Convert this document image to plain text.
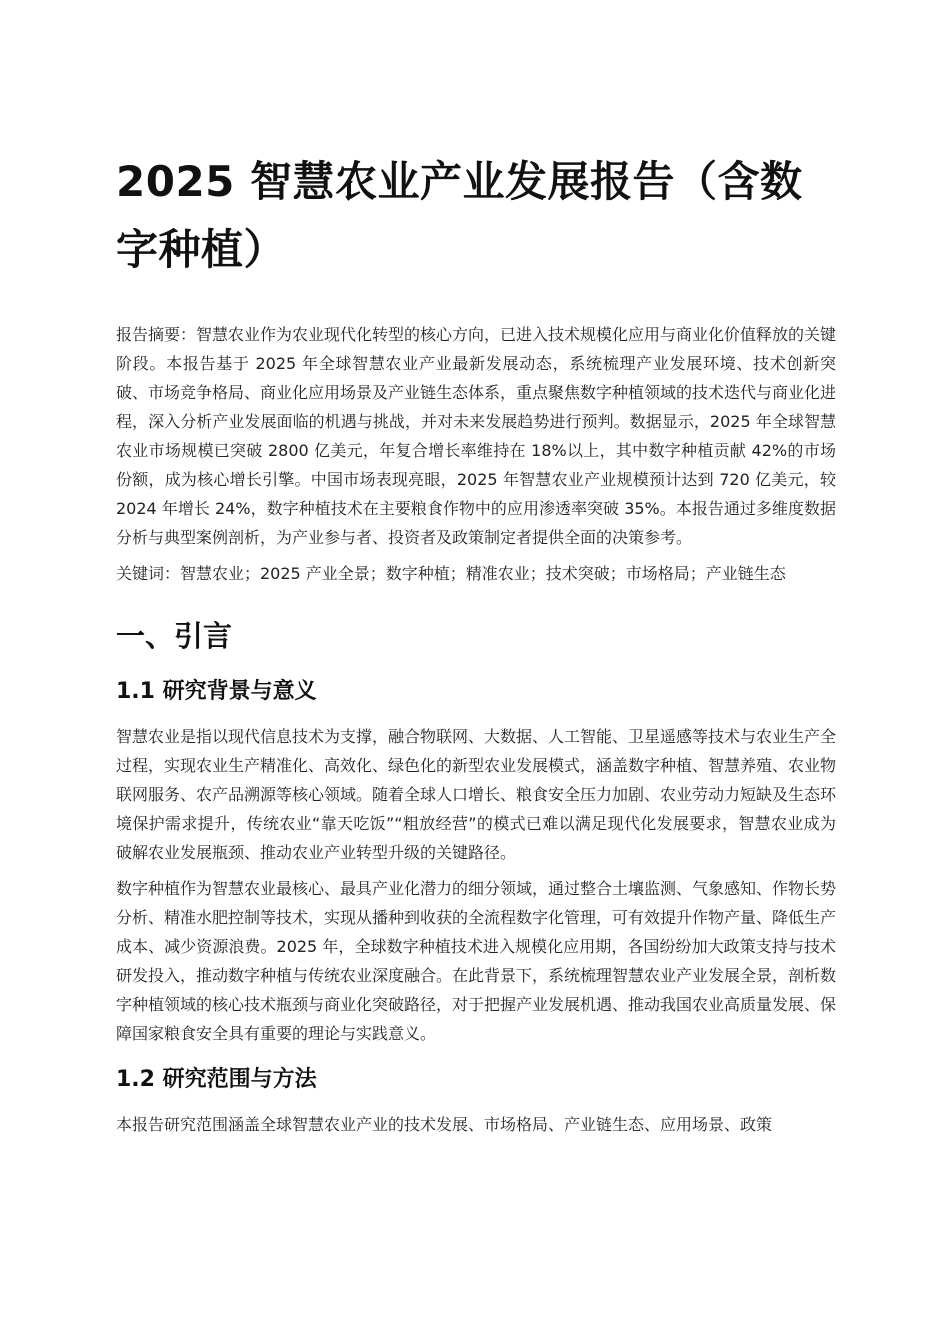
2025 智慧农业产业发展报告（含数字种植）

报告摘要：智慧农业作为农业现代化转型的核心方向，已进入技术规模化应用与商业化价值释放的关键阶段。本报告基于 2025 年全球智慧农业产业最新发展动态，系统梳理产业发展环境、技术创新突破、市场竞争格局、商业化应用场景及产业链生态体系，重点聚焦数字种植领域的技术迭代与商业化进程，深入分析产业发展面临的机遇与挑战，并对未来发展趋势进行预判。数据显示，2025 年全球智慧农业市场规模已突破 2800 亿美元，年复合增长率维持在 18%以上，其中数字种植贡献 42%的市场份额，成为核心增长引擎。中国市场表现亮眼，2025 年智慧农业产业规模预计达到 720 亿美元，较 2024 年增长 24%，数字种植技术在主要粮食作物中的应用渗透率突破 35%。本报告通过多维度数据分析与典型案例剖析，为产业参与者、投资者及政策制定者提供全面的决策参考。

关键词：智慧农业；2025 产业全景；数字种植；精准农业；技术突破；市场格局；产业链生态

一、引言
1.1 研究背景与意义

智慧农业是指以现代信息技术为支撑，融合物联网、大数据、人工智能、卫星遥感等技术与农业生产全过程，实现农业生产精准化、高效化、绿色化的新型农业发展模式，涵盖数字种植、智慧养殖、农业物联网服务、农产品溯源等核心领域。随着全球人口增长、粮食安全压力加剧、农业劳动力短缺及生态环境保护需求提升，传统农业“靠天吃饭”“粗放经营”的模式已难以满足现代化发展要求，智慧农业成为破解农业发展瓶颈、推动农业产业转型升级的关键路径。

数字种植作为智慧农业最核心、最具产业化潜力的细分领域，通过整合土壤监测、气象感知、作物长势分析、精准水肥控制等技术，实现从播种到收获的全流程数字化管理，可有效提升作物产量、降低生产成本、减少资源浪费。2025 年，全球数字种植技术进入规模化应用期，各国纷纷加大政策支持与技术研发投入，推动数字种植与传统农业深度融合。在此背景下，系统梳理智慧农业产业发展全景，剖析数字种植领域的核心技术瓶颈与商业化突破路径，对于把握产业发展机遇、推动我国农业高质量发展、保障国家粮食安全具有重要的理论与实践意义。

1.2 研究范围与方法

本报告研究范围涵盖全球智慧农业产业的技术发展、市场格局、产业链生态、应用场景、政策
